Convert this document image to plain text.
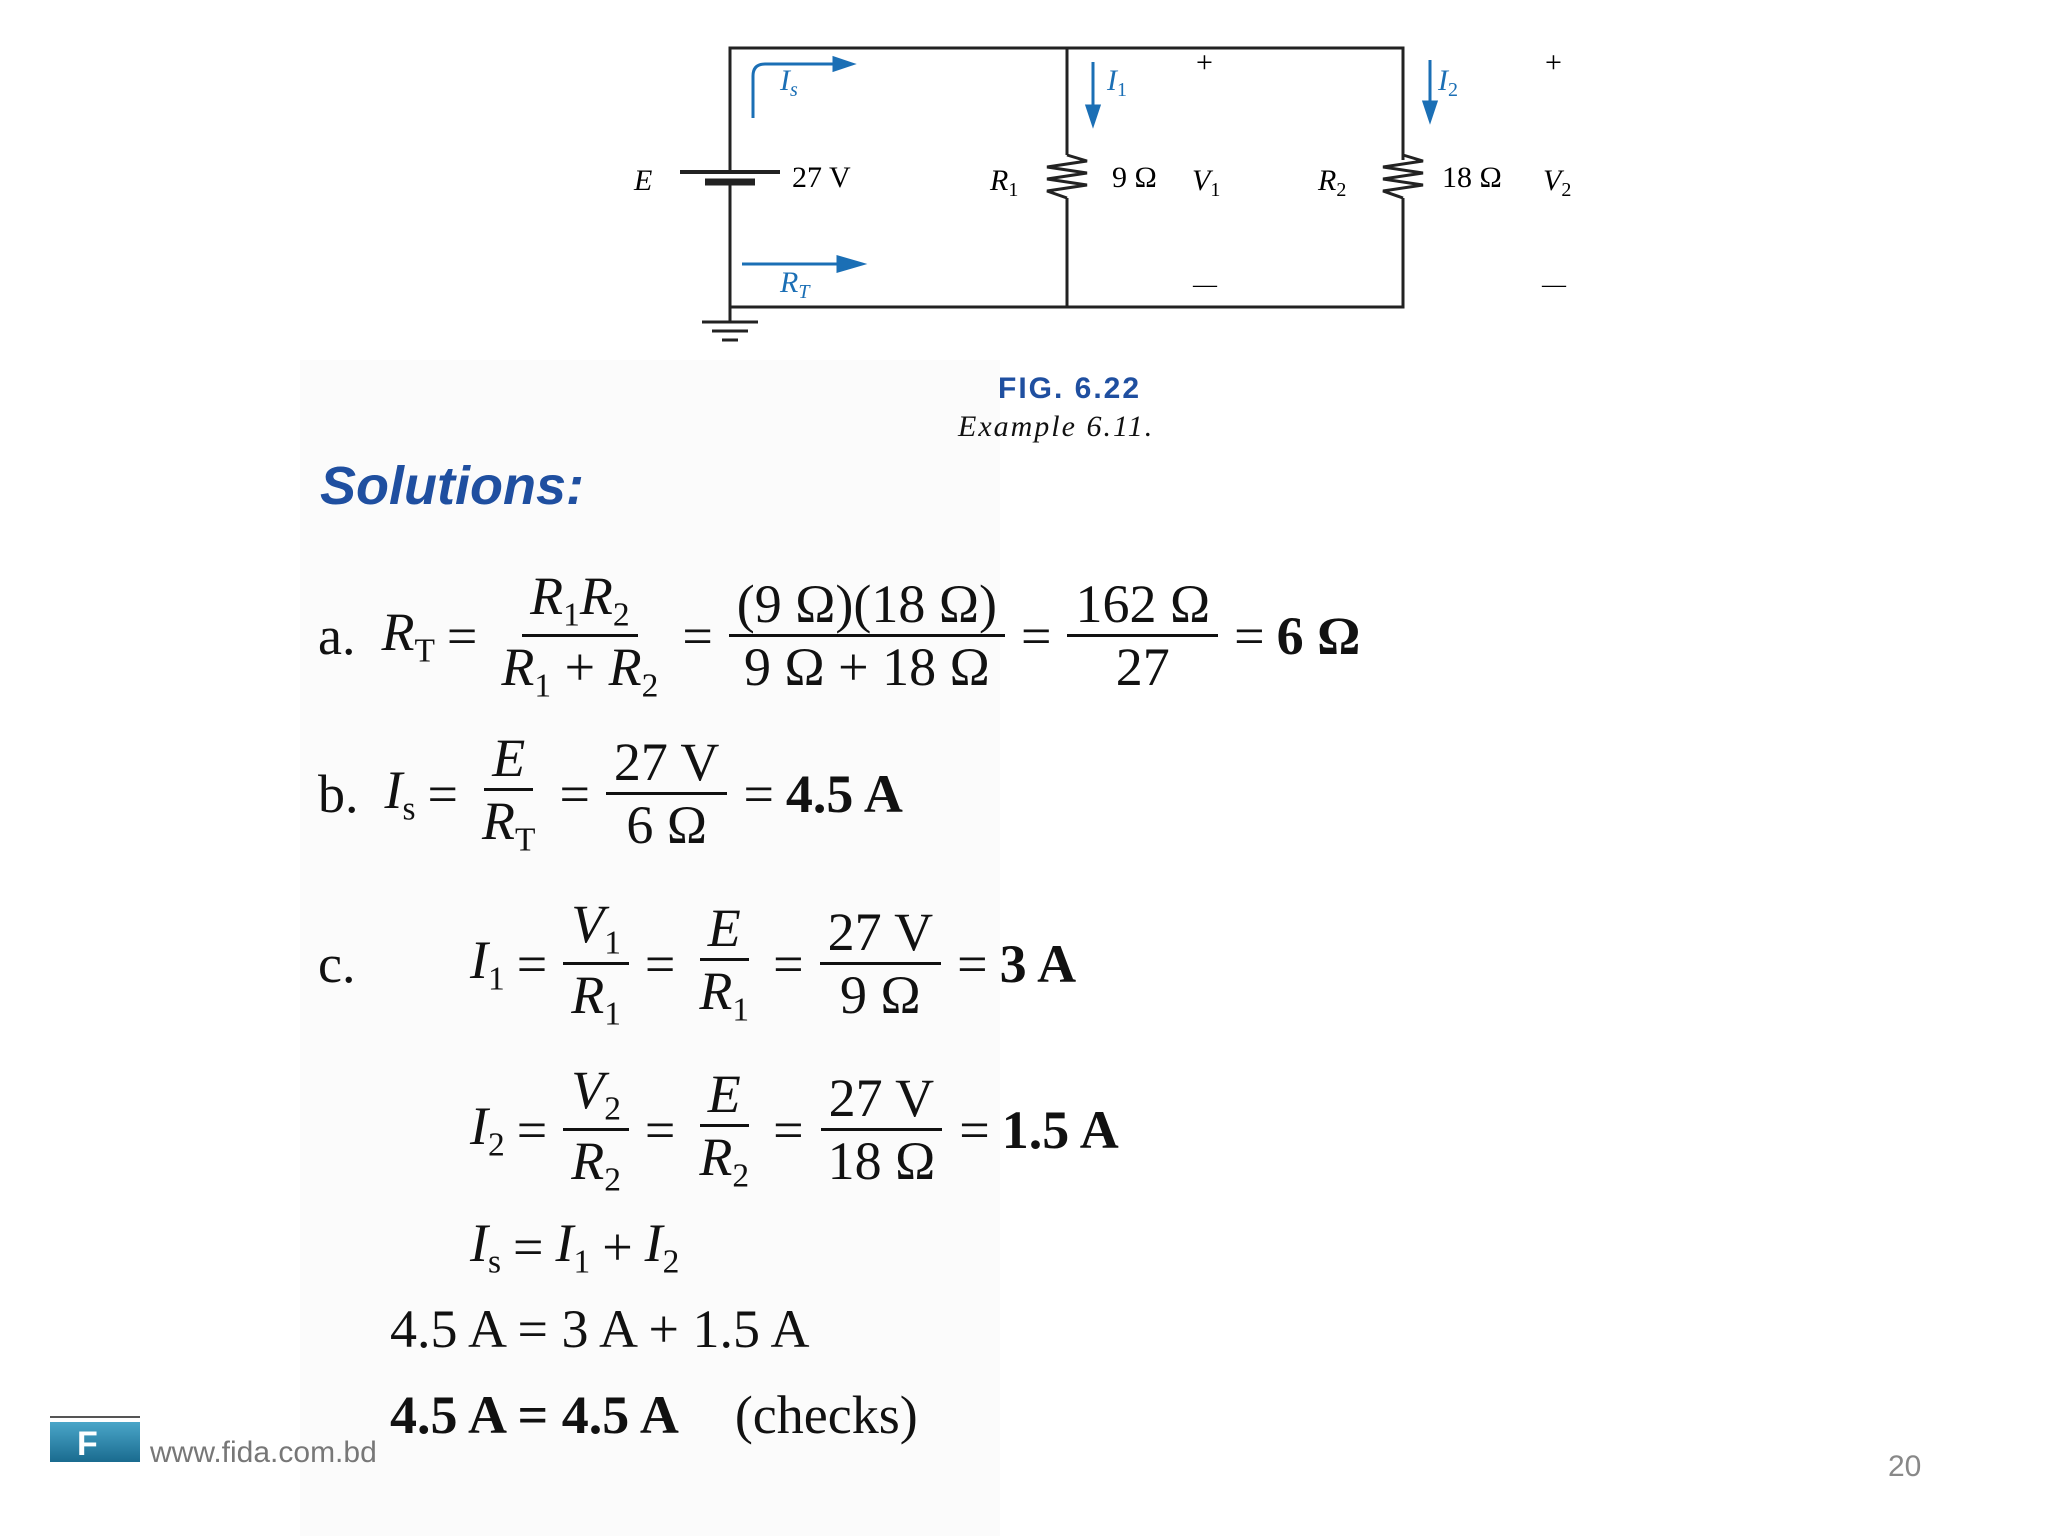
E	27 V
$I_s$	$I_1$	$I_2$
$R_T$
$R_1$	9 Ω $V_1$	$R_2$	18 Ω $V_2$
+	+
—	—
FIG. 6.22
Example 6.11.
Solutions:
a. $R_T = \frac{R_1R_2}{R_1 + R_2} = \frac{(9 \Omega)(18 \Omega)}{9 \Omega + 18 \Omega} = \frac{162 \Omega}{27} = 6$ Ω
b. $I_s = \frac{E}{R_T} = \frac{27 V}{6 \Omega} = 4.5$ A
c.	$I_1 = \frac{V_1}{R_1} = \frac{E}{R_1} = \frac{27 V}{9 \Omega} = 3$ A
$I_2 = \frac{V_2}{R_2} = \frac{E}{R_2} = \frac{27 V}{18 \Omega} = 1.5$ A
$I_s = I_1 + I_2$
4.5 A = 3 A + 1.5 A
4.5 A = 4.5 A (checks)
F www.fida.com.bd	20
